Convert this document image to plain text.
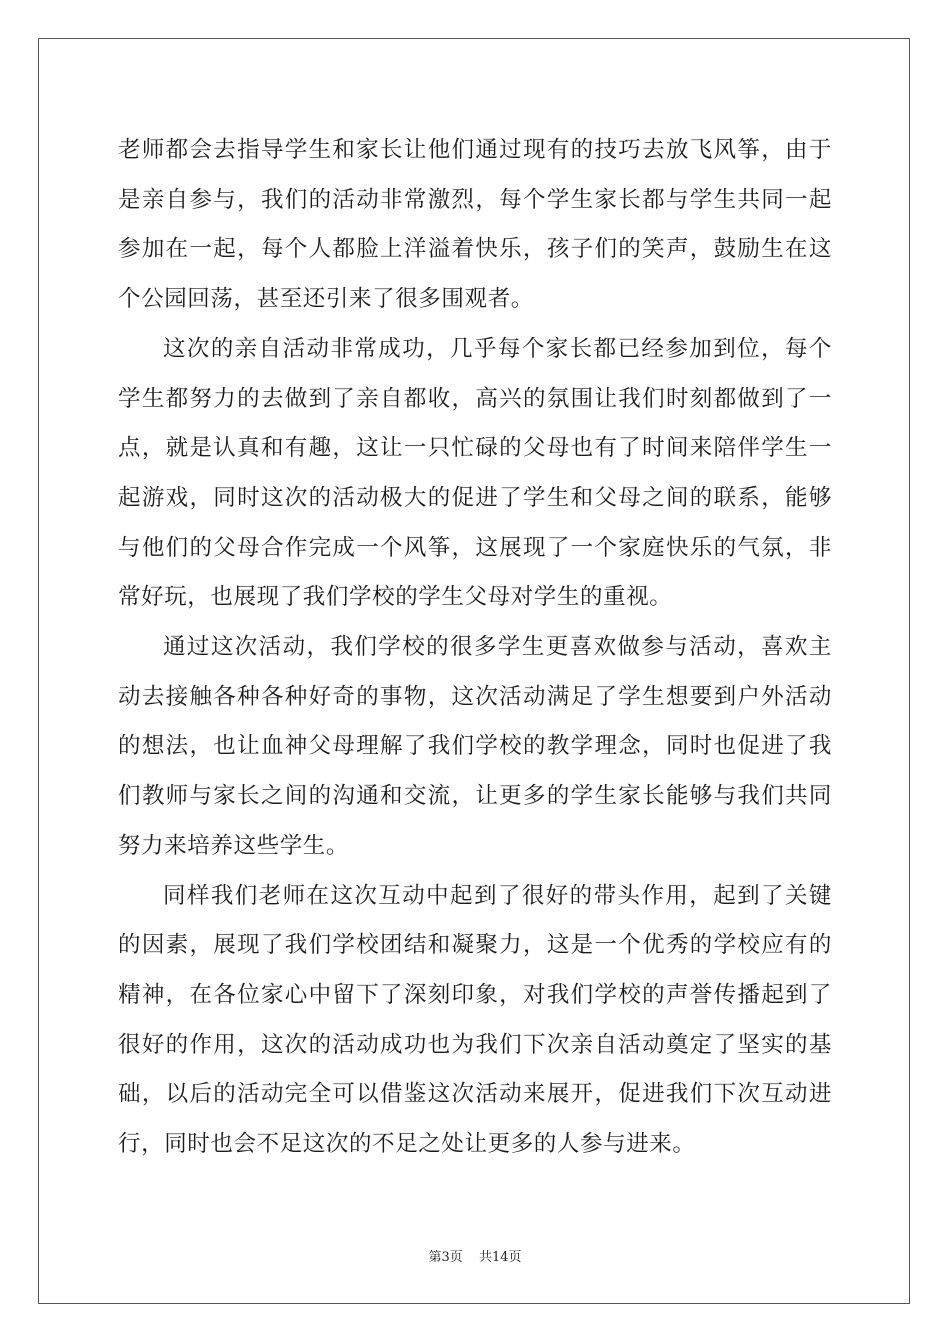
老师都会去指导学生和家长让他们通过现有的技巧去放飞风筝，由于是亲自参与，我们的活动非常激烈，每个学生家长都与学生共同一起参加在一起，每个人都脸上洋溢着快乐，孩子们的笑声，鼓励生在这个公园回荡，甚至还引来了很多围观者。

这次的亲自活动非常成功，几乎每个家长都已经参加到位，每个学生都努力的去做到了亲自都收，高兴的氛围让我们时刻都做到了一点，就是认真和有趣，这让一只忙碌的父母也有了时间来陪伴学生一起游戏，同时这次的活动极大的促进了学生和父母之间的联系，能够与他们的父母合作完成一个风筝，这展现了一个家庭快乐的气氛，非常好玩，也展现了我们学校的学生父母对学生的重视。

通过这次活动，我们学校的很多学生更喜欢做参与活动，喜欢主动去接触各种各种好奇的事物，这次活动满足了学生想要到户外活动的想法，也让血神父母理解了我们学校的教学理念，同时也促进了我们教师与家长之间的沟通和交流，让更多的学生家长能够与我们共同努力来培养这些学生。

同样我们老师在这次互动中起到了很好的带头作用，起到了关键的因素，展现了我们学校团结和凝聚力，这是一个优秀的学校应有的精神，在各位家心中留下了深刻印象，对我们学校的声誉传播起到了很好的作用，这次的活动成功也为我们下次亲自活动奠定了坚实的基础，以后的活动完全可以借鉴这次活动来展开，促进我们下次互动进行，同时也会不足这次的不足之处让更多的人参与进来。

第3页 共14页
